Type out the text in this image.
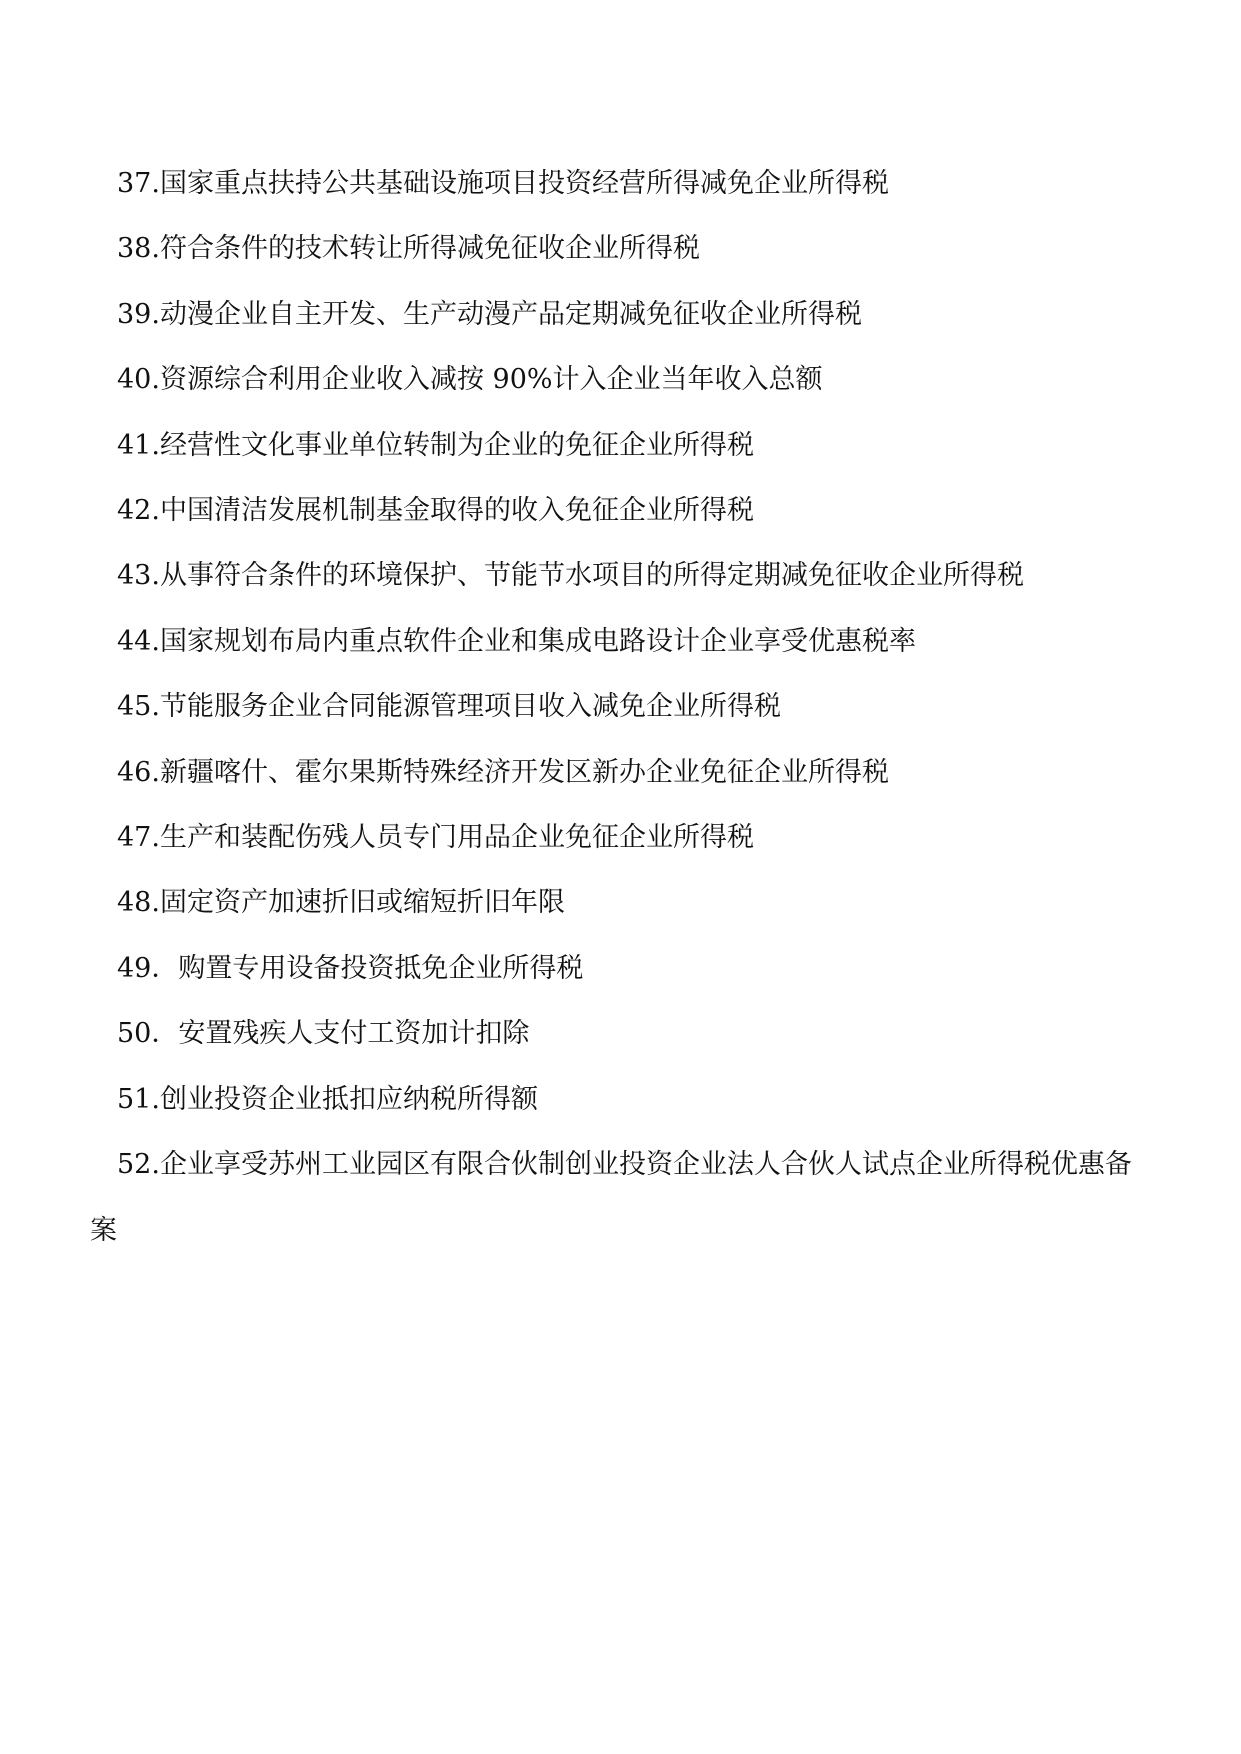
37.国家重点扶持公共基础设施项目投资经营所得减免企业所得税

38.符合条件的技术转让所得减免征收企业所得税

39.动漫企业自主开发、生产动漫产品定期减免征收企业所得税

40.资源综合利用企业收入减按 90%计入企业当年收入总额

41.经营性文化事业单位转制为企业的免征企业所得税

42.中国清洁发展机制基金取得的收入免征企业所得税

43.从事符合条件的环境保护、节能节水项目的所得定期减免征收企业所得税

44.国家规划布局内重点软件企业和集成电路设计企业享受优惠税率

45.节能服务企业合同能源管理项目收入减免企业所得税

46.新疆喀什、霍尔果斯特殊经济开发区新办企业免征企业所得税

47.生产和装配伤残人员专门用品企业免征企业所得税

48.固定资产加速折旧或缩短折旧年限

49．购置专用设备投资抵免企业所得税

50．安置残疾人支付工资加计扣除

51.创业投资企业抵扣应纳税所得额

52.企业享受苏州工业园区有限合伙制创业投资企业法人合伙人试点企业所得税优惠备案
